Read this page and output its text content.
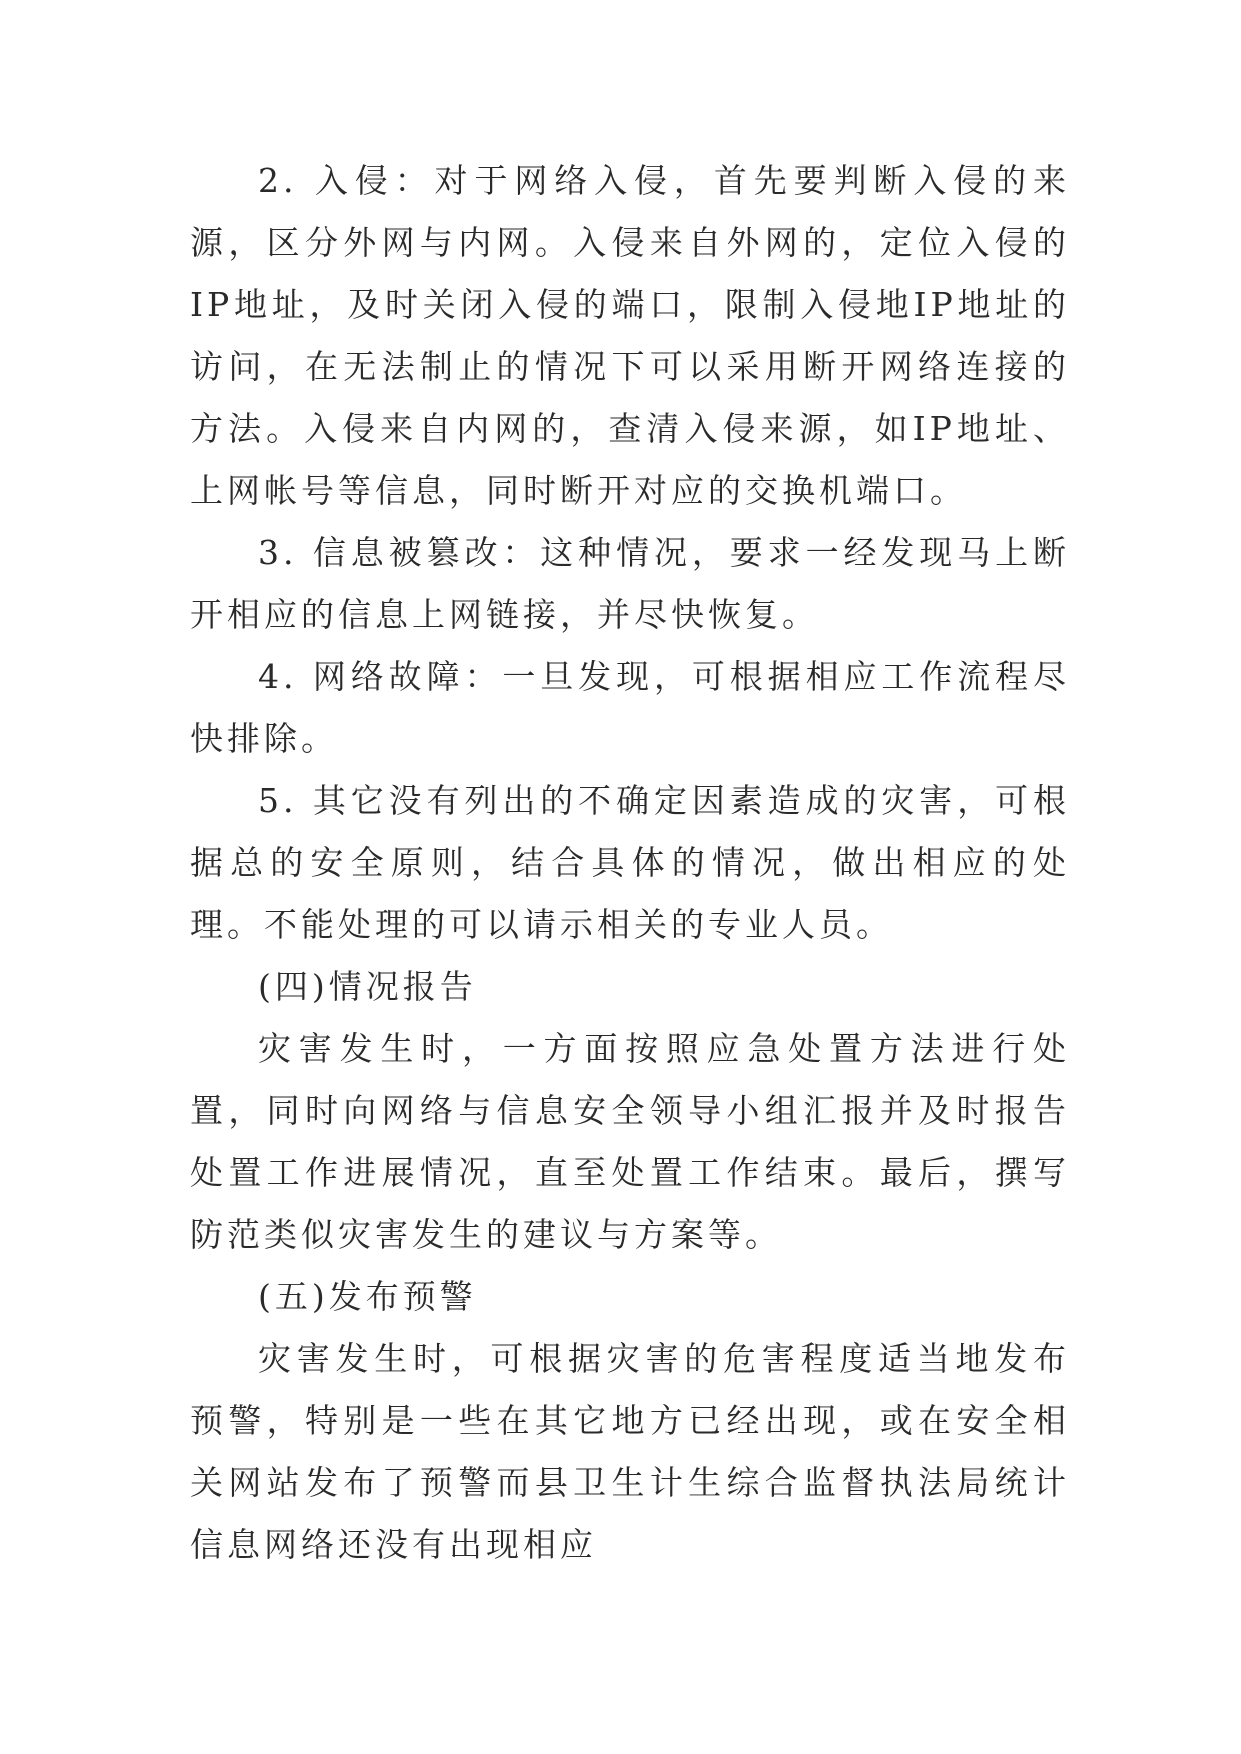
2. 入侵：对于网络入侵，首先要判断入侵的来源，区分外网与内网。入侵来自外网的，定位入侵的IP地址，及时关闭入侵的端口，限制入侵地IP地址的访问，在无法制止的情况下可以采用断开网络连接的方法。入侵来自内网的，查清入侵来源，如IP地址、上网帐号等信息，同时断开对应的交换机端口。

3. 信息被篡改：这种情况，要求一经发现马上断开相应的信息上网链接，并尽快恢复。

4. 网络故障：一旦发现，可根据相应工作流程尽快排除。

5. 其它没有列出的不确定因素造成的灾害，可根据总的安全原则，结合具体的情况，做出相应的处理。不能处理的可以请示相关的专业人员。

(四)情况报告

灾害发生时，一方面按照应急处置方法进行处置，同时向网络与信息安全领导小组汇报并及时报告处置工作进展情况，直至处置工作结束。最后，撰写防范类似灾害发生的建议与方案等。

(五)发布预警

灾害发生时，可根据灾害的危害程度适当地发布预警，特别是一些在其它地方已经出现，或在安全相关网站发布了预警而县卫生计生综合监督执法局统计信息网络还没有出现相应
